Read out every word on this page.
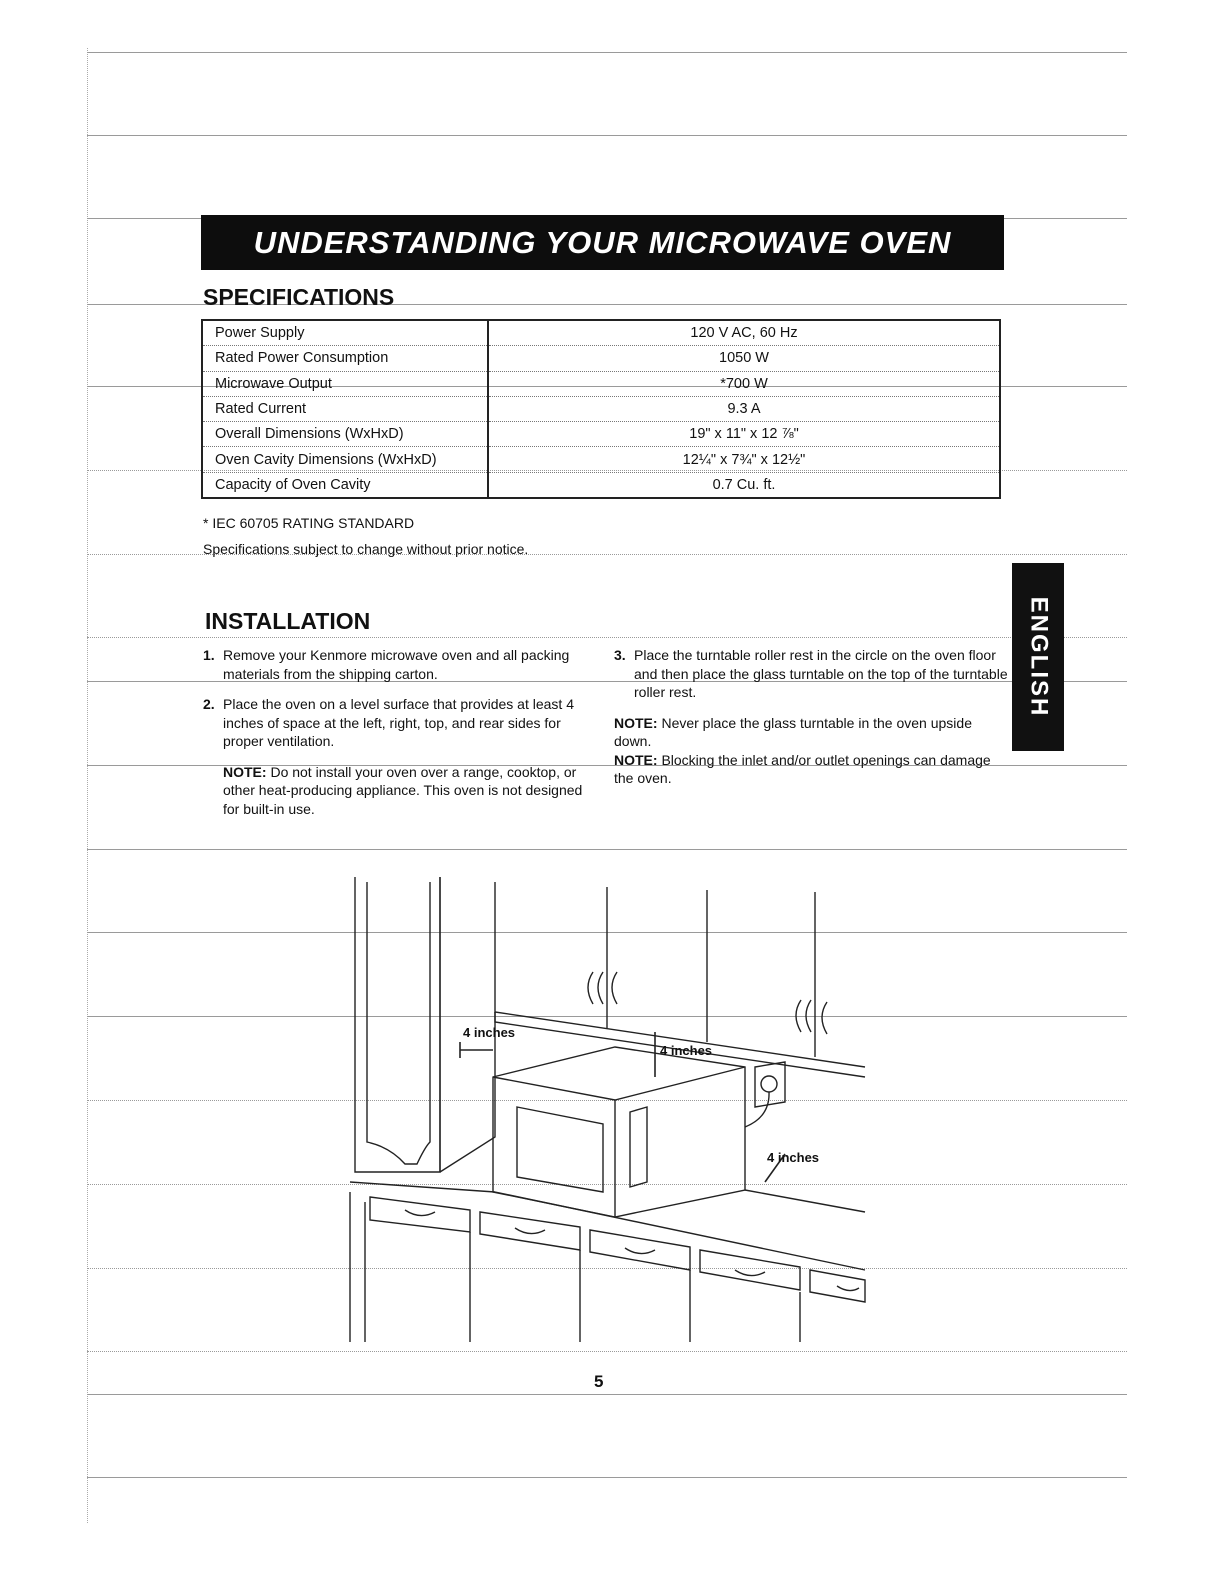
UNDERSTANDING YOUR MICROWAVE OVEN
SPECIFICATIONS
Power Supply	120 V AC, 60 Hz
Rated Power Consumption	1050 W
Microwave Output	*700 W
Rated Current	9.3 A
Overall Dimensions (WxHxD)	19" x 11" x 12 ⅞"
Oven Cavity Dimensions (WxHxD)	12¼" x 7¾" x 12½"
Capacity of Oven Cavity	0.7 Cu. ft.
* IEC 60705 RATING STANDARD
Specifications subject to change without prior notice.
INSTALLATION
1. Remove your Kenmore microwave oven and all packing materials from the shipping carton.
2. Place the oven on a level surface that provides at least 4 inches of space at the left, right, top, and rear sides for proper ventilation.
NOTE: Do not install your oven over a range, cooktop, or other heat-producing appliance. This oven is not designed for built-in use.
3. Place the turntable roller rest in the circle on the oven floor and then place the glass turntable on the top of the turntable roller rest.
NOTE: Never place the glass turntable in the oven upside down.
NOTE: Blocking the inlet and/or outlet openings can damage the oven.
ENGLISH
4 inches
4 inches
4 inches
5
